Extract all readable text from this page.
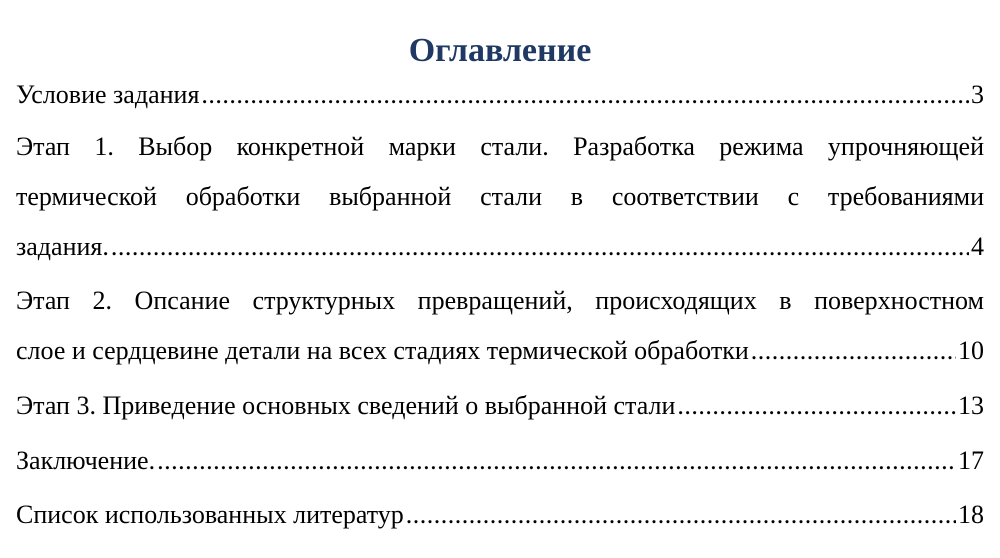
Оглавление
Условие задания .....	3
Этап 1. Выбор конкретной марки стали. Разработка режима упрочняющей
термической обработки выбранной стали в соответствии с требованиями
задания. .....	4
Этап 2. Опсание структурных превращений, происходящих в поверхностном
слое и сердцевине детали на всех стадиях термической обработки .....	10
Этап 3. Приведение основных сведений о выбранной стали .....	13
Заключение. .....	17
Список использованных литератур .....	18
